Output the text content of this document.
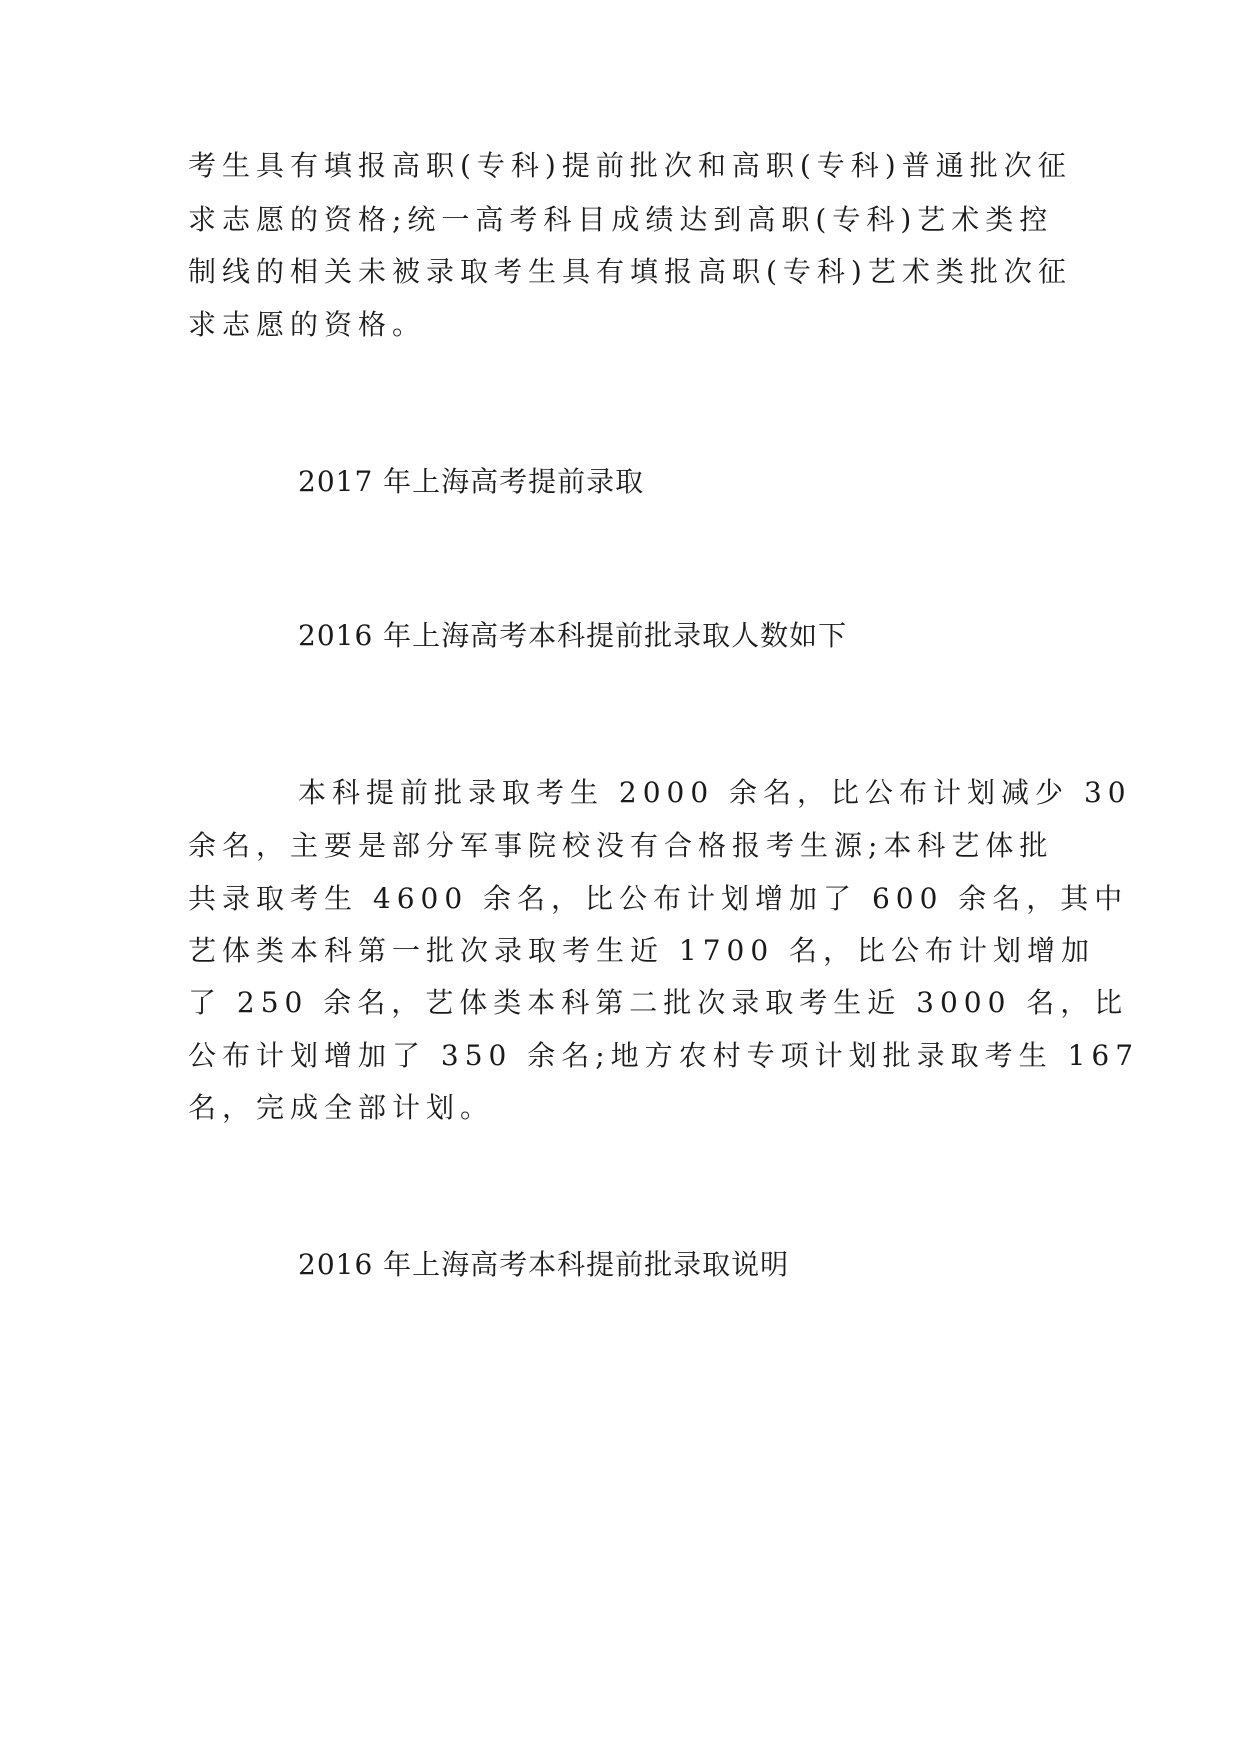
考生具有填报高职(专科)提前批次和高职(专科)普通批次征
求志愿的资格;统一高考科目成绩达到高职(专科)艺术类控
制线的相关未被录取考生具有填报高职(专科)艺术类批次征
求志愿的资格。
2017 年上海高考提前录取
2016 年上海高考本科提前批录取人数如下
本科提前批录取考生 2000 余名，比公布计划减少 30
余名，主要是部分军事院校没有合格报考生源;本科艺体批
共录取考生 4600 余名，比公布计划增加了 600 余名，其中
艺体类本科第一批次录取考生近 1700 名，比公布计划增加
了 250 余名，艺体类本科第二批次录取考生近 3000 名，比
公布计划增加了 350 余名;地方农村专项计划批录取考生 167
名，完成全部计划。
2016 年上海高考本科提前批录取说明
